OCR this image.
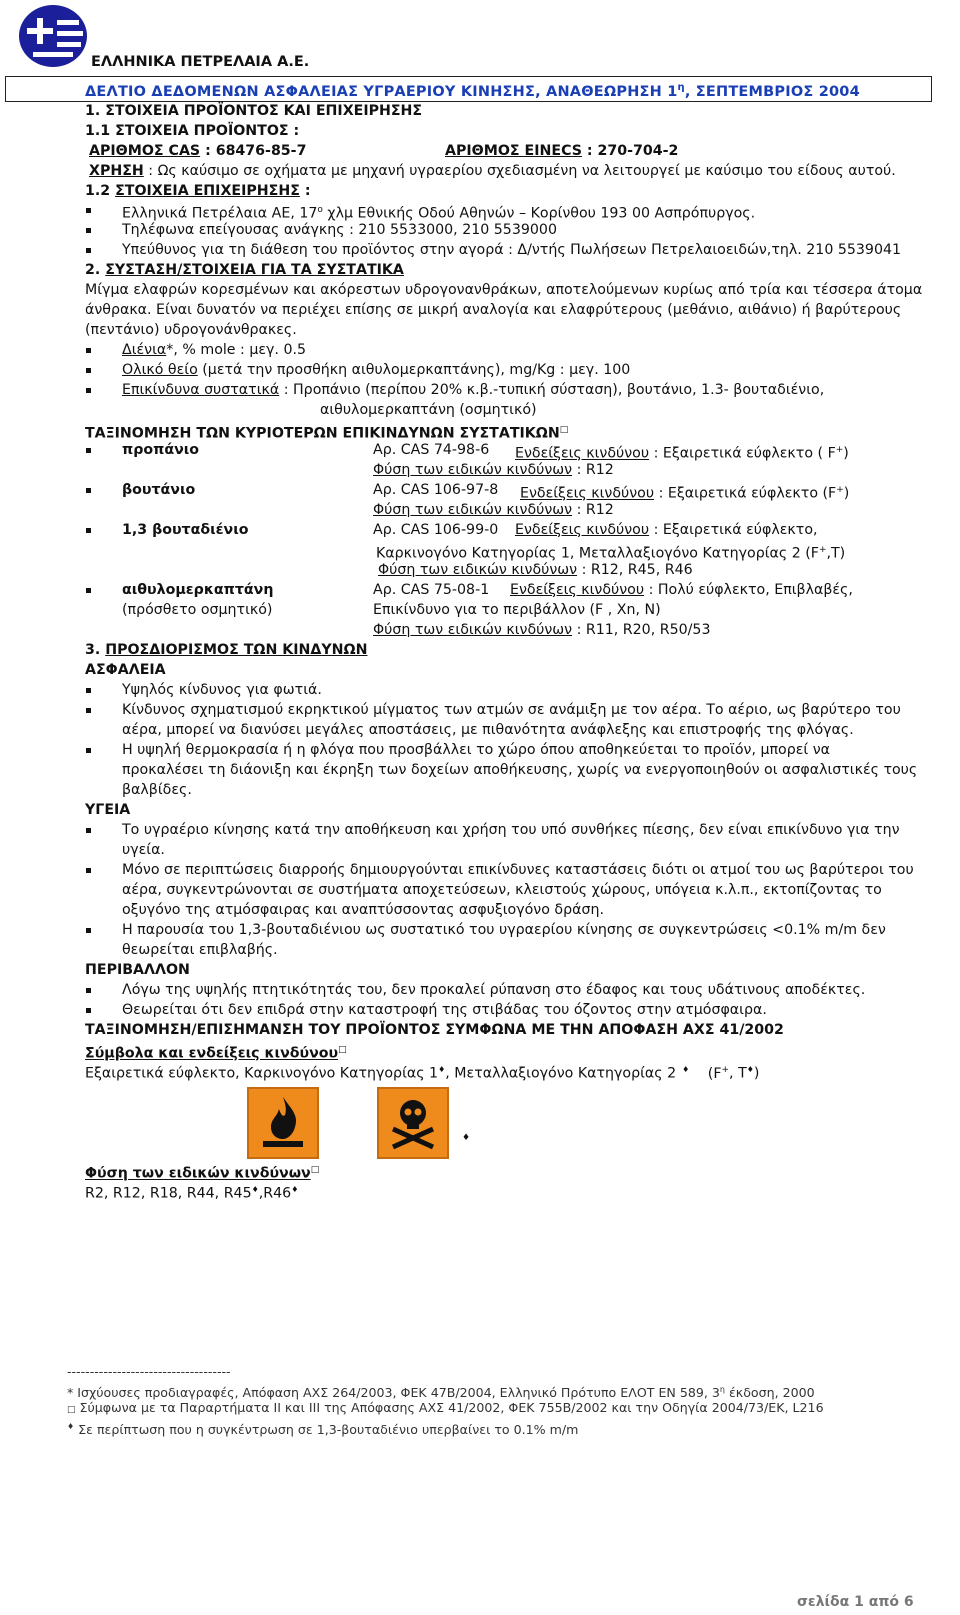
ΕΛΛΗΝΙΚΑ ΠΕΤΡΕΛΑΙΑ Α.Ε.
ΔΕΛΤΙΟ ΔΕΔΟΜΕΝΩΝ ΑΣΦΑΛΕΙΑΣ ΥΓΡΑΕΡΙΟΥ ΚΙΝΗΣΗΣ, ΑΝΑΘΕΩΡΗΣΗ $1^\eta$, ΣΕΠΤΕΜΒΡΙΟΣ 2004
1. ΣΤΟΙΧΕΙΑ ΠΡΟΪΟΝΤΟΣ ΚΑΙ ΕΠΙΧΕΙΡΗΣΗΣ
1.1 ΣΤΟΙΧΕΙΑ ΠΡΟΪΟΝΤΟΣ :
ΑΡΙΘΜΟΣ CAS : 68476-85-7	ΑΡΙΘΜΟΣ ΕΙΝΕCS : 270-704-2
ΧΡΗΣΗ : Ως καύσιμο σε οχήματα με μηχανή υγραερίου σχεδιασμένη να λειτουργεί με καύσιμο του είδους αυτού.
1.2 ΣΤΟΙΧΕΙΑ ΕΠΙΧΕΙΡΗΣΗΣ :
Ελληνικά Πετρέλαια ΑΕ, $17^o$ χλμ Εθνικής Οδού Αθηνών – Κορίνθου 193 00 Ασπρόπυργος.
Τηλέφωνα επείγουσας ανάγκης : 210 5533000, 210 5539000
Υπεύθυνος για τη διάθεση του προϊόντος στην αγορά : Δ/ντής Πωλήσεων Πετρελαιοειδών,τηλ. 210 5539041
2. ΣΥΣΤΑΣΗ/ΣΤΟΙΧΕΙΑ ΓΙΑ ΤΑ ΣΥΣΤΑΤΙΚΑ
Μίγμα ελαφρών κορεσμένων και ακόρεστων υδρογονανθράκων, αποτελούμενων κυρίως από τρία και τέσσερα άτομα
άνθρακα. Είναι δυνατόν να περιέχει επίσης σε μικρή αναλογία και ελαφρύτερους (μεθάνιο, αιθάνιο) ή βαρύτερους
(πεντάνιο) υδρογονάνθρακες.
Διένια*, % mole : μεγ. 0.5
Ολικό θείο (μετά την προσθήκη αιθυλομερκαπτάνης), mg/Kg : μεγ. 100
Επικίνδυνα συστατικά : Προπάνιο (περίπου 20% κ.β.-τυπική σύσταση), βουτάνιο, 1.3- βουταδιένιο,
αιθυλομερκαπτάνη (οσμητικό)
ΤΑΞΙΝΟΜΗΣΗ ΤΩΝ ΚΥΡΙΟΤΕΡΩΝ ΕΠΙΚΙΝΔΥΝΩΝ ΣΥΣΤΑΤΙΚΩΝ□
προπάνιο	Αρ. CAS 74-98-6 Ενδείξεις κινδύνου : Εξαιρετικά εύφλεκτο ( F+)
Φύση των ειδικών κινδύνων : R12
βουτάνιο	Αρ. CAS 106-97-8 Ενδείξεις κινδύνου : Εξαιρετικά εύφλεκτο (F+)
Φύση των ειδικών κινδύνων : R12
1,3 βουταδιένιο	Αρ. CAS 106-99-0 Ενδείξεις κινδύνου : Εξαιρετικά εύφλεκτο,
Καρκινογόνο Κατηγορίας 1, Μεταλλαξιογόνο Κατηγορίας 2 (F+,T)
Φύση των ειδικών κινδύνων : R12, R45, R46
αιθυλομερκαπτάνη
(πρόσθετο οσμητικό)
Αρ. CAS 75-08-1 Ενδείξεις κινδύνου : Πολύ εύφλεκτο, Επιβλαβές,
Επικίνδυνο για το περιβάλλον (F , Xn, N)
Φύση των ειδικών κινδύνων : R11, R20, R50/53
3. ΠΡΟΣΔΙΟΡΙΣΜΟΣ ΤΩΝ ΚΙΝΔΥΝΩΝ
ΑΣΦΑΛΕΙΑ
Υψηλός κίνδυνος για φωτιά.
Κίνδυνος σχηματισμού εκρηκτικού μίγματος των ατμών σε ανάμιξη με τον αέρα. Το αέριο, ως βαρύτερο του
αέρα, μπορεί να διανύσει μεγάλες αποστάσεις, με πιθανότητα ανάφλεξης και επιστροφής της φλόγας.
Η υψηλή θερμοκρασία ή η φλόγα που προσβάλλει το χώρο όπου αποθηκεύεται το προϊόν, μπορεί να
προκαλέσει τη διάονιξη και έκρηξη των δοχείων αποθήκευσης, χωρίς να ενεργοποιηθούν οι ασφαλιστικές τους
βαλβίδες.
ΥΓΕΙΑ
Το υγραέριο κίνησης κατά την αποθήκευση και χρήση του υπό συνθήκες πίεσης, δεν είναι επικίνδυνο για την
υγεία.
Μόνο σε περιπτώσεις διαρροής δημιουργούνται επικίνδυνες καταστάσεις διότι οι ατμοί του ως βαρύτεροι του
αέρα, συγκεντρώνονται σε συστήματα αποχετεύσεων, κλειστούς χώρους, υπόγεια κ.λ.π., εκτοπίζοντας το
οξυγόνο της ατμόσφαιρας και αναπτύσσοντας ασφυξιογόνο δράση.
Η παρουσία του 1,3-βουταδιένιου ως συστατικό του υγραερίου κίνησης σε συγκεντρώσεις <0.1% m/m δεν
θεωρείται επιβλαβής.
ΠΕΡΙΒΑΛΛΟΝ
Λόγω της υψηλής πτητικότητάς του, δεν προκαλεί ρύπανση στο έδαφος και τους υδάτινους αποδέκτες.
Θεωρείται ότι δεν επιδρά στην καταστροφή της στιβάδας του όζοντος στην ατμόσφαιρα.
ΤΑΞΙΝΟΜΗΣΗ/ΕΠΙΣΗΜΑΝΣΗ ΤΟΥ ΠΡΟΪΟΝΤΟΣ ΣΥΜΦΩΝΑ ΜΕ ΤΗΝ ΑΠΟΦΑΣΗ ΑΧΣ 41/2002
Σύμβολα και ενδείξεις κινδύνου□
Εξαιρετικά εύφλεκτο, Καρκινογόνο Κατηγορίας 1♦, Μεταλλαξιογόνο Κατηγορίας 2 ♦ (F+, T♦)
♦
Φύση των ειδικών κινδύνων□
R2, R12, R18, R44, R45♦,R46♦
------------------------------------
* Ισχύουσες προδιαγραφές, Απόφαση ΑΧΣ 264/2003, ΦΕΚ 47Β/2004, Ελληνικό Πρότυπο ΕΛΟΤ ΕΝ 589, $3^\eta$ έκδοση, 2000
□ Σύμφωνα με τα Παραρτήματα ΙΙ και ΙΙΙ της Απόφασης ΑΧΣ 41/2002, ΦΕΚ 755Β/2002 και την Οδηγία 2004/73/ΕΚ, L216
♦ Σε περίπτωση που η συγκέντρωση σε 1,3-βουταδιένιο υπερβαίνει το 0.1% m/m
σελίδα 1 από 6
